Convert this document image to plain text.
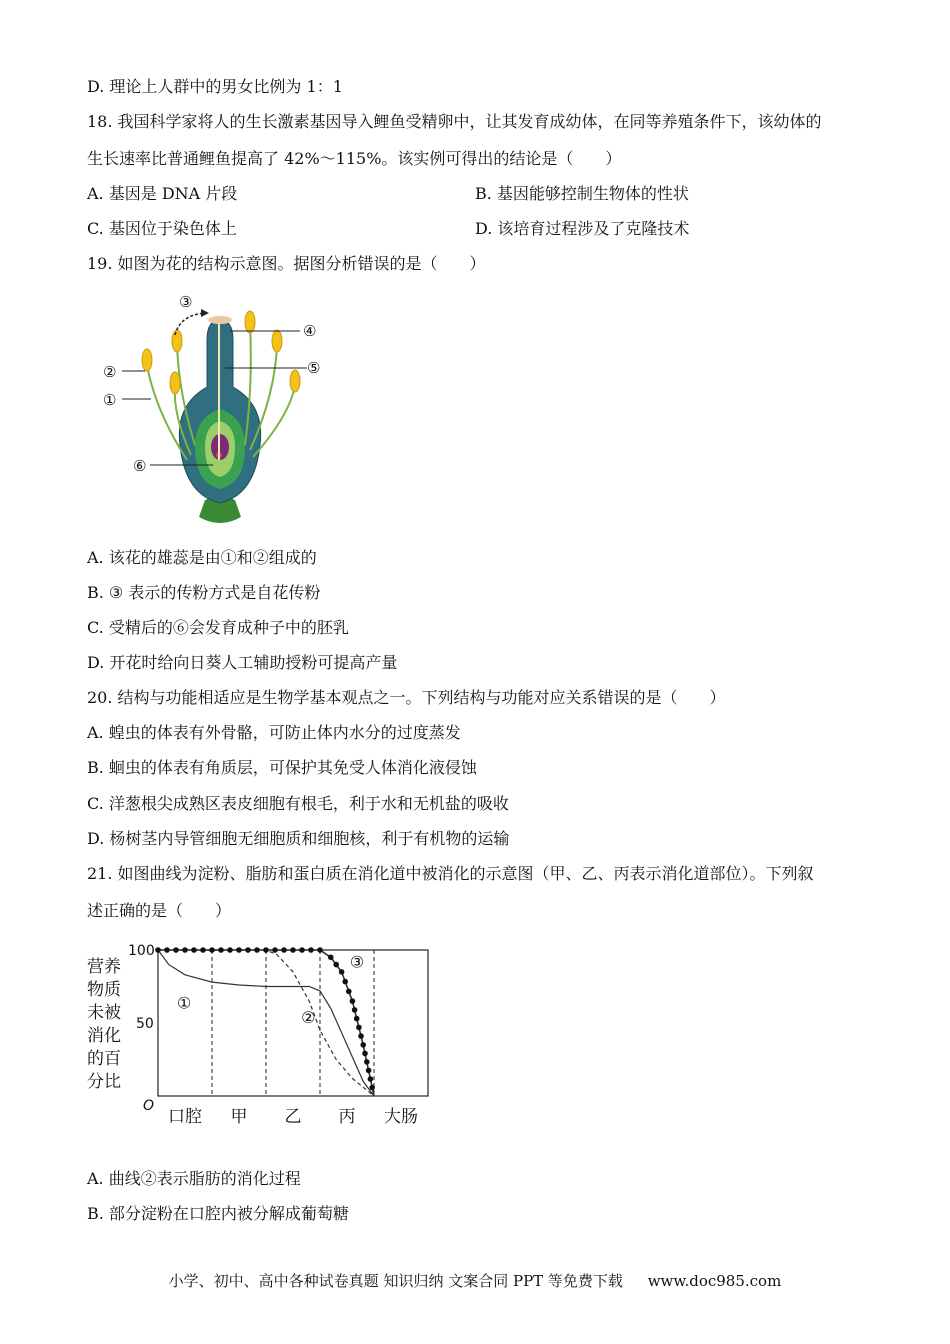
D. 理论上人群中的男女比例为 1：1
18. 我国科学家将人的生长激素基因导入鲤鱼受精卵中，让其发育成幼体，在同等养殖条件下，该幼体的
生长速率比普通鲤鱼提高了 42%～115%。该实例可得出的结论是（　　）
A. 基因是 DNA 片段	B. 基因能够控制生物体的性状
C. 基因位于染色体上	D. 该培育过程涉及了克隆技术
19. 如图为花的结构示意图。据图分析错误的是（　　）
③
④
⑤
②
①
⑥
A. 该花的雄蕊是由①和②组成的
B. ③ 表示的传粉方式是自花传粉
C. 受精后的⑥会发育成种子中的胚乳
D. 开花时给向日葵人工辅助授粉可提高产量
20. 结构与功能相适应是生物学基本观点之一。下列结构与功能对应关系错误的是（　　）
A. 蝗虫的体表有外骨骼，可防止体内水分的过度蒸发
B. 蛔虫的体表有角质层，可保护其免受人体消化液侵蚀
C. 洋葱根尖成熟区表皮细胞有根毛，利于水和无机盐的吸收
D. 杨树茎内导管细胞无细胞质和细胞核，利于有机物的运输
21. 如图曲线为淀粉、脂肪和蛋白质在消化道中被消化的示意图（甲、乙、丙表示消化道部位）。下列叙
述正确的是（　　）
营养
物质
未被
消化
的百
分比
100
50
O
①
②
③
口腔 甲 乙 丙 大肠
A. 曲线②表示脂肪的消化过程
B. 部分淀粉在口腔内被分解成葡萄糖
小学、初中、高中各种试卷真题 知识归纳 文案合同 PPT 等免费下载 www.doc985.com
